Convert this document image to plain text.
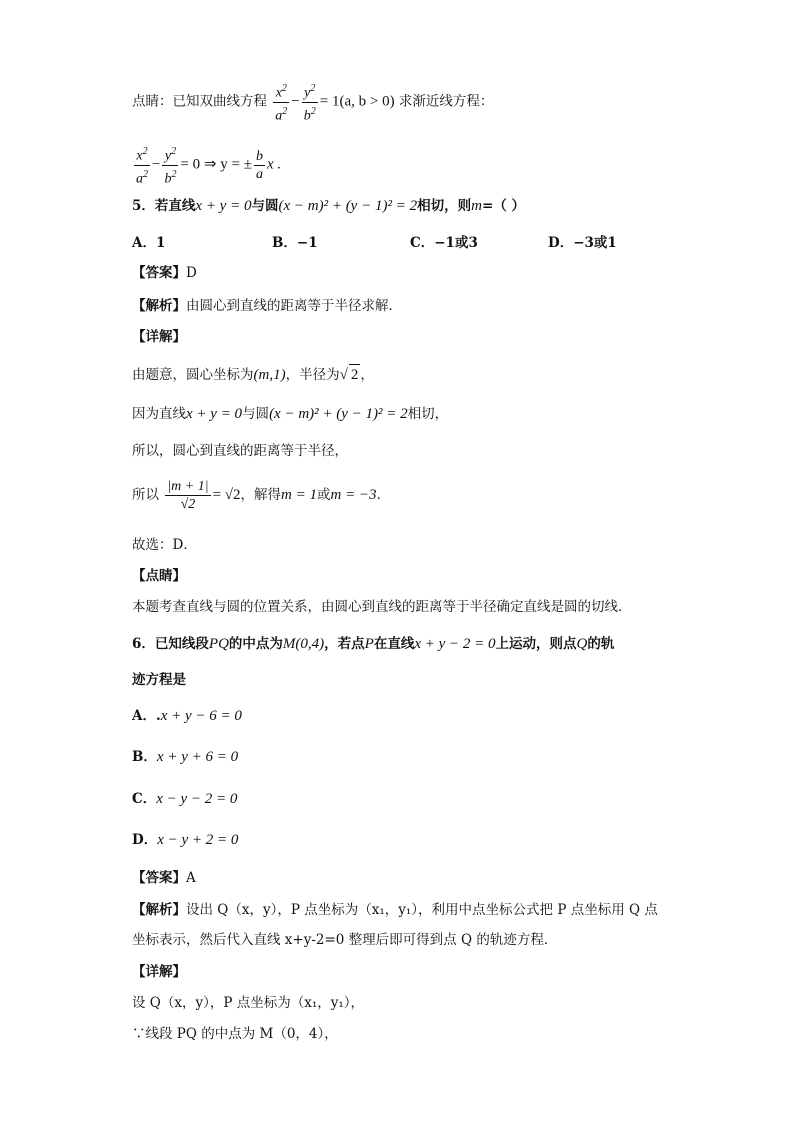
点睛：已知双曲线方程 $\frac{x^2}{a^2} - \frac{y^2}{b^2} = 1(a$, b > 0) 求渐近线方程：
$\frac{x^2}{a^2} - \frac{y^2}{b^2} = 0$ ⇒ y = ± $\frac{b}{a}$ x .
5．若直线x + y = 0与圆(x − m)² + (y − 1)² = 2相切，则m=（ ）
A．1	B．−1	C．−1或3	D．−3或1
【答案】D
【解析】由圆心到直线的距离等于半径求解．
【详解】
由题意，圆心坐标为(m,1)，半径为√ 2 ，
因为直线x + y = 0与圆(x − m)² + (y − 1)² = 2相切，
所以，圆心到直线的距离等于半径，
所以 $\frac{|m + 1|}{√2} = √2$，解得m = 1或m = −3．
故选：D．
【点睛】
本题考查直线与圆的位置关系，由圆心到直线的距离等于半径确定直线是圆的切线．
6．已知线段PQ的中点为M(0,4)，若点P在直线x + y − 2 = 0上运动，则点Q的轨
迹方程是
A．.x + y − 6 = 0
B．x + y + 6 = 0
C．x − y − 2 = 0
D．x − y + 2 = 0
【答案】A
【解析】设出 Q（x，y），P 点坐标为（x₁，y₁），利用中点坐标公式把 P 点坐标用 Q 点
坐标表示，然后代入直线 x+y-2=0 整理后即可得到点 Q 的轨迹方程．
【详解】
设 Q（x，y），P 点坐标为（x₁，y₁），
∵线段 PQ 的中点为 M（0，4），
